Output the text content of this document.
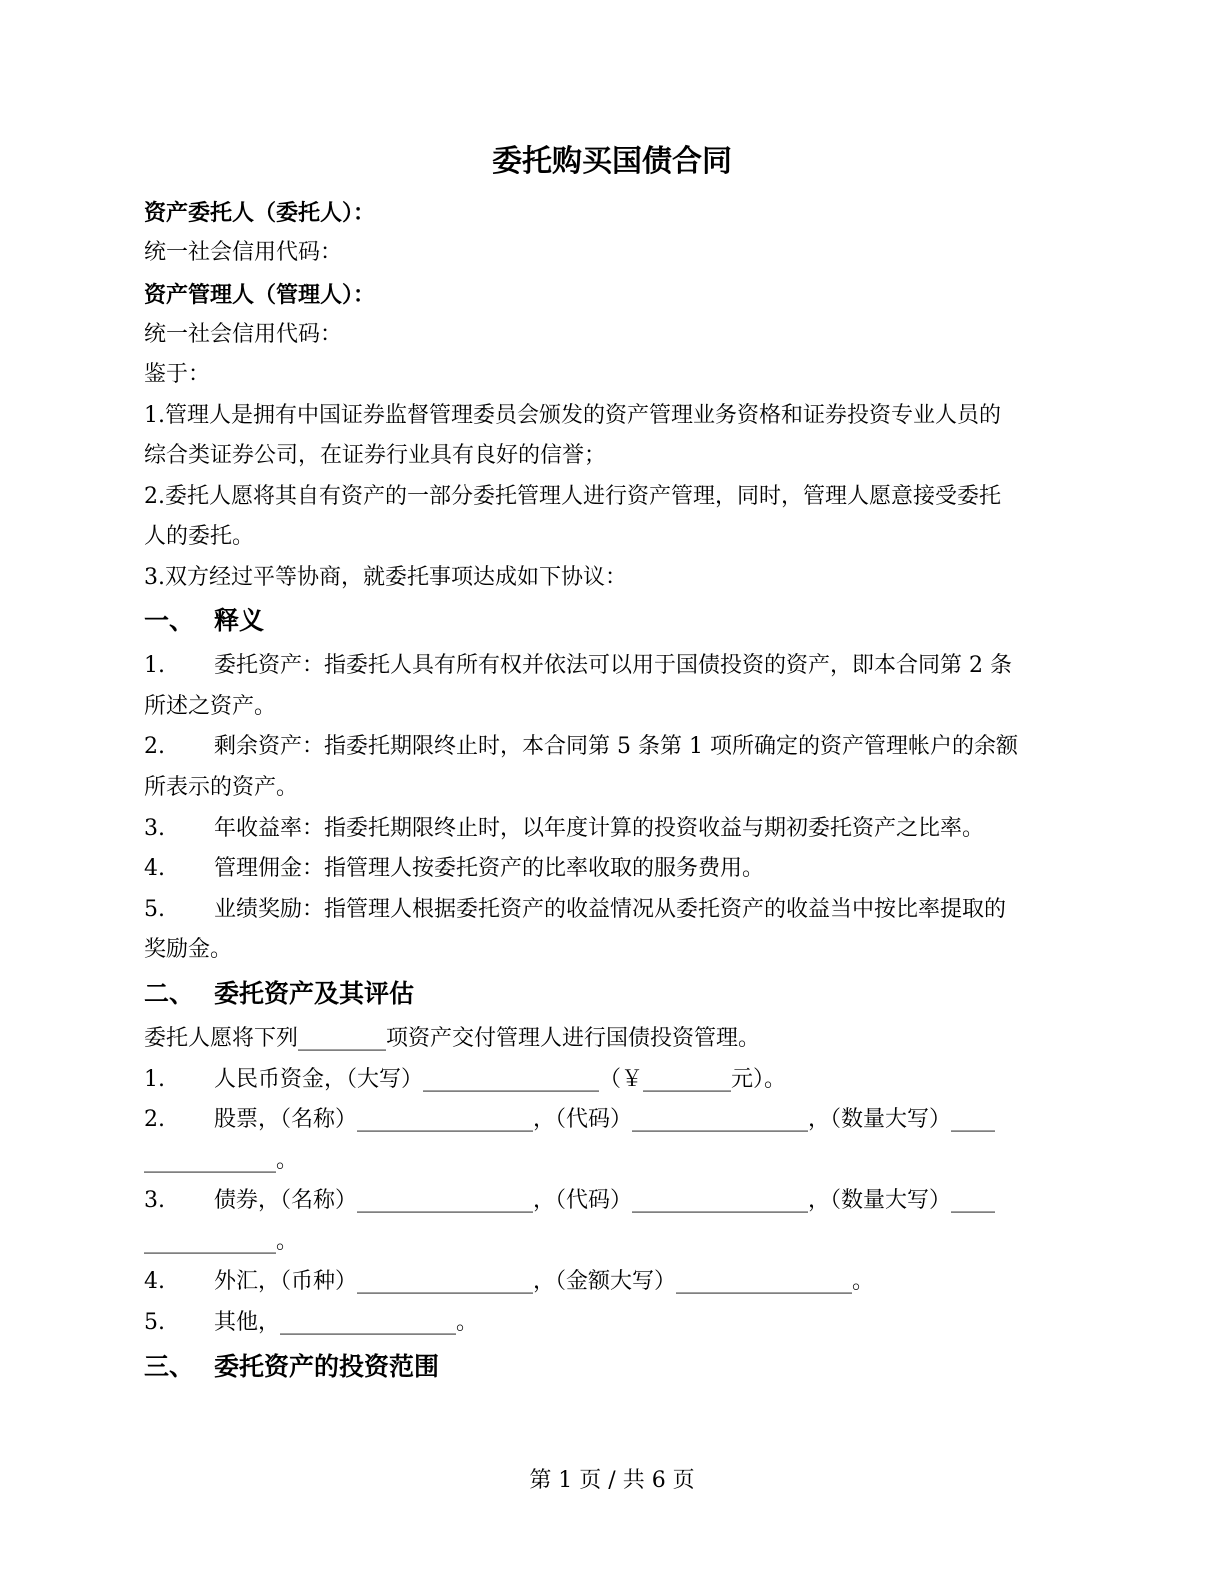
委托购买国债合同
资产委托人（委托人）：
统一社会信用代码：
资产管理人（管理人）：
统一社会信用代码：
鉴于：
1.管理人是拥有中国证券监督管理委员会颁发的资产管理业务资格和证券投资专业人员的
综合类证券公司，在证券行业具有良好的信誉；
2.委托人愿将其自有资产的一部分委托管理人进行资产管理，同时，管理人愿意接受委托
人的委托。
3.双方经过平等协商，就委托事项达成如下协议：
一、 释义
1. 委托资产：指委托人具有所有权并依法可以用于国债投资的资产，即本合同第 2 条
所述之资产。
2. 剩余资产：指委托期限终止时，本合同第 5 条第 1 项所确定的资产管理帐户的余额
所表示的资产。
3. 年收益率：指委托期限终止时，以年度计算的投资收益与期初委托资产之比率。
4. 管理佣金：指管理人按委托资产的比率收取的服务费用。
5. 业绩奖励：指管理人根据委托资产的收益情况从委托资产的收益当中按比率提取的
奖励金。
二、 委托资产及其评估
委托人愿将下列________项资产交付管理人进行国债投资管理。
1. 人民币资金，（大写）________________（￥________元）。
2. 股票，（名称）________________，（代码）________________，（数量大写）____
____________。
3. 债券，（名称）________________，（代码）________________，（数量大写）____
____________。
4. 外汇，（币种）________________，（金额大写）________________。
5. 其他，________________。
三、 委托资产的投资范围
第 1 页 / 共 6 页
